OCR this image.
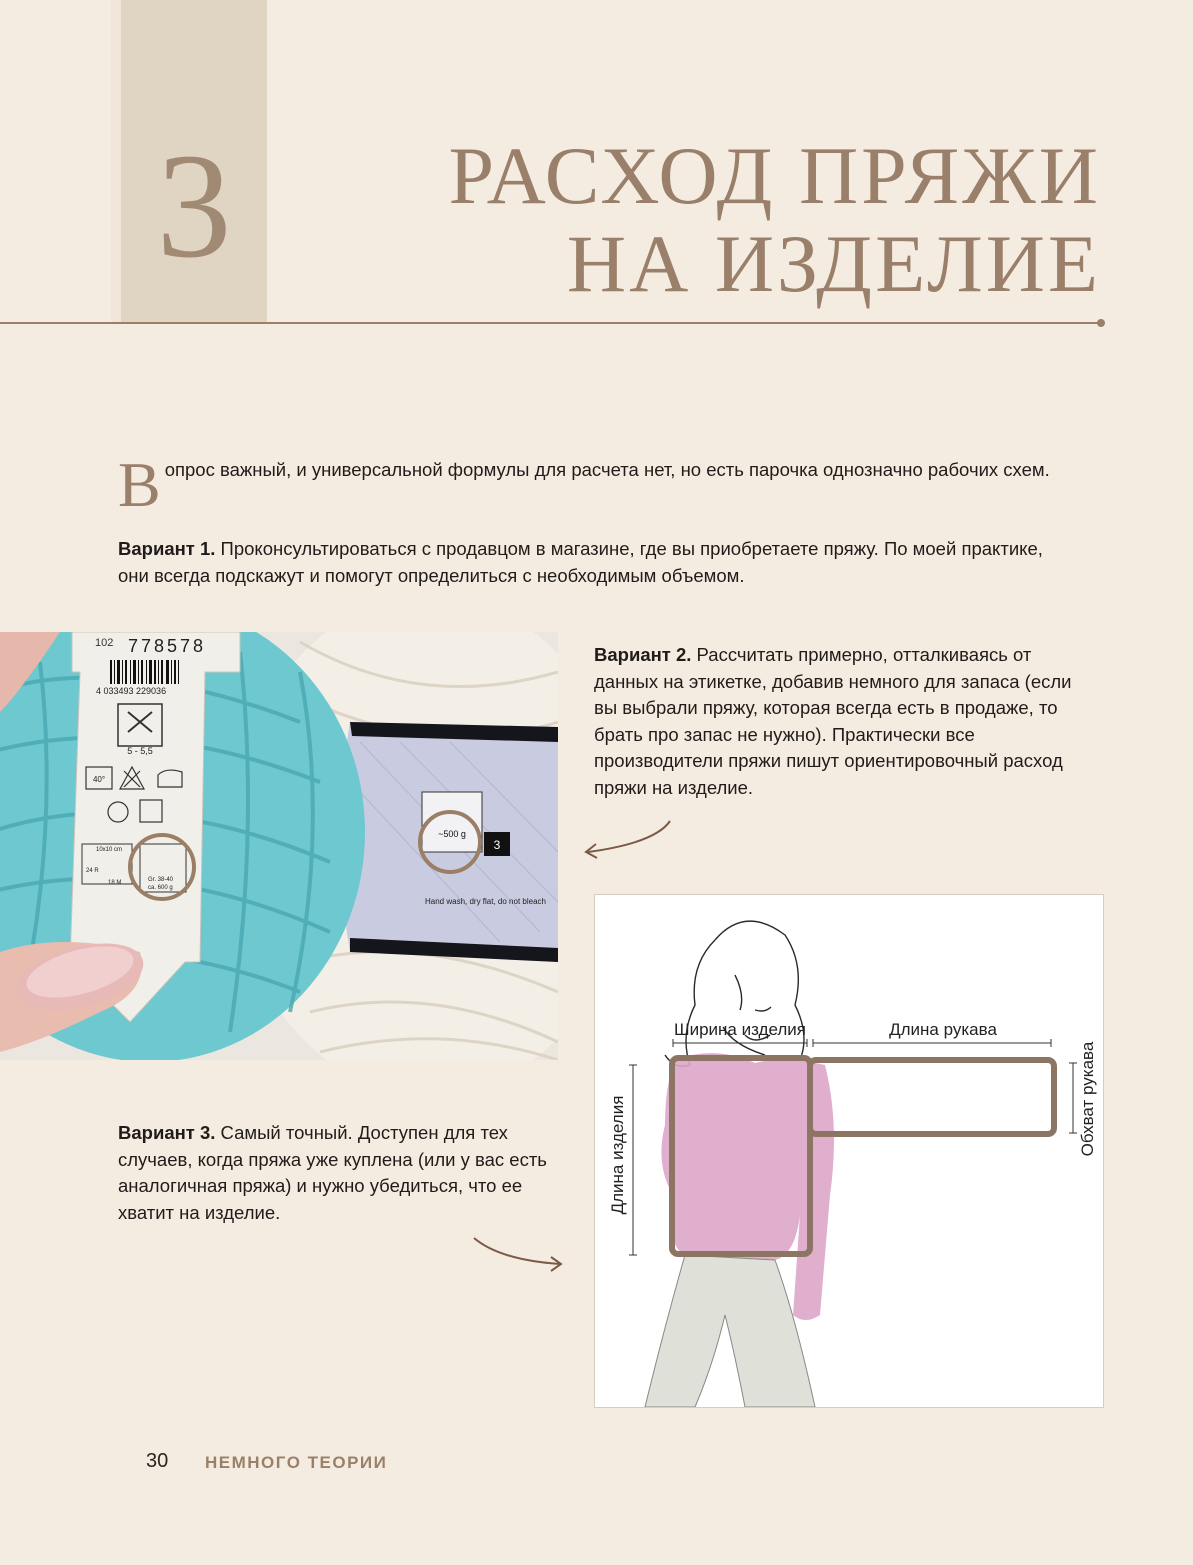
3	РАСХОД ПРЯЖИ
НА ИЗДЕЛИЕ
В опрос важный, и универсальной формулы для расчета нет, но есть парочка однозначно рабочих схем.
Вариант 1. Проконсультироваться с продавцом в магазине, где вы приобретаете пряжу. По моей практике, они всегда подскажут и помогут определиться с необходимым объемом.
~500 g
3
Hand wash, dry flat, do not bleach
102 778578
4 033493 229036
5 - 5,5
40°
10x10 cm
24 R
18 M	Gr. 38-40
ca. 600 g
Вариант 2. Рассчитать примерно, отталкиваясь от данных на этикетке, добавив немного для запаса (если вы выбрали пряжу, которая всегда есть в продаже, то брать про запас не нужно). Практически все производители пряжи пишут ориентировочный расход пряжи на изделие.
Вариант 3. Самый точный. Доступен для тех случаев, когда пряжа уже куплена (или у вас есть аналогичная пряжа) и нужно убедиться, что ее хватит на изделие.
Ширина изделия	Длина рукава
Длина изделия	Обхват рукава
30 НЕМНОГО ТЕОРИИ
